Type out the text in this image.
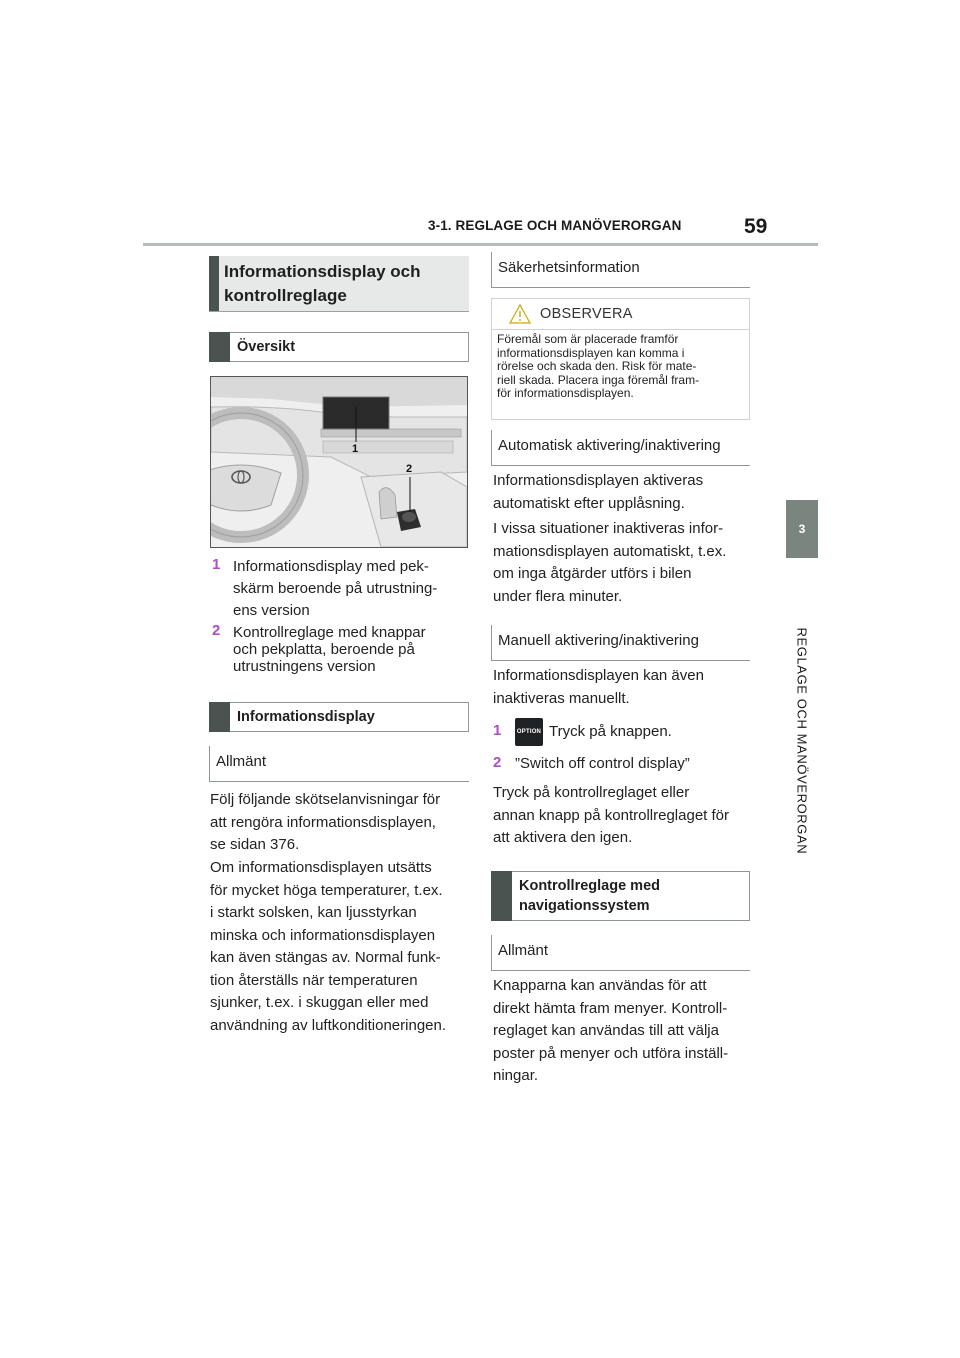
3-1. REGLAGE OCH MANÖVERORGAN	59
3
REGLAGE OCH MANÖVERORGAN
Informationsdisplay och
kontrollreglage
Översikt
1
2
1 Informationsdisplay med pek-
skärm beroende på utrustning-
ens version
2 Kontrollreglage med knappar
och pekplatta, beroende på
utrustningens version
Informationsdisplay
Allmänt
Följ följande skötselanvisningar för
att rengöra informationsdisplayen,
se sidan 376.
Om informationsdisplayen utsätts
för mycket höga temperaturer, t.ex.
i starkt solsken, kan ljusstyrkan
minska och informationsdisplayen
kan även stängas av. Normal funk-
tion återställs när temperaturen
sjunker, t.ex. i skuggan eller med
användning av luftkonditioneringen.
Säkerhetsinformation
OBSERVERA
Föremål som är placerade framför
informationsdisplayen kan komma i
rörelse och skada den. Risk för mate-
riell skada. Placera inga föremål fram-
för informationsdisplayen.
Automatisk aktivering/inaktivering
Informationsdisplayen aktiveras
automatiskt efter upplåsning.
I vissa situationer inaktiveras infor-
mationsdisplayen automatiskt, t.ex.
om inga åtgärder utförs i bilen
under flera minuter.
Manuell aktivering/inaktivering
Informationsdisplayen kan även
inaktiveras manuellt.
1	OPTION Tryck på knappen.
2 ”Switch off control display”
Tryck på kontrollreglaget eller
annan knapp på kontrollreglaget för
att aktivera den igen.
Kontrollreglage med
navigationssystem
Allmänt
Knapparna kan användas för att
direkt hämta fram menyer. Kontroll-
reglaget kan användas till att välja
poster på menyer och utföra inställ-
ningar.
